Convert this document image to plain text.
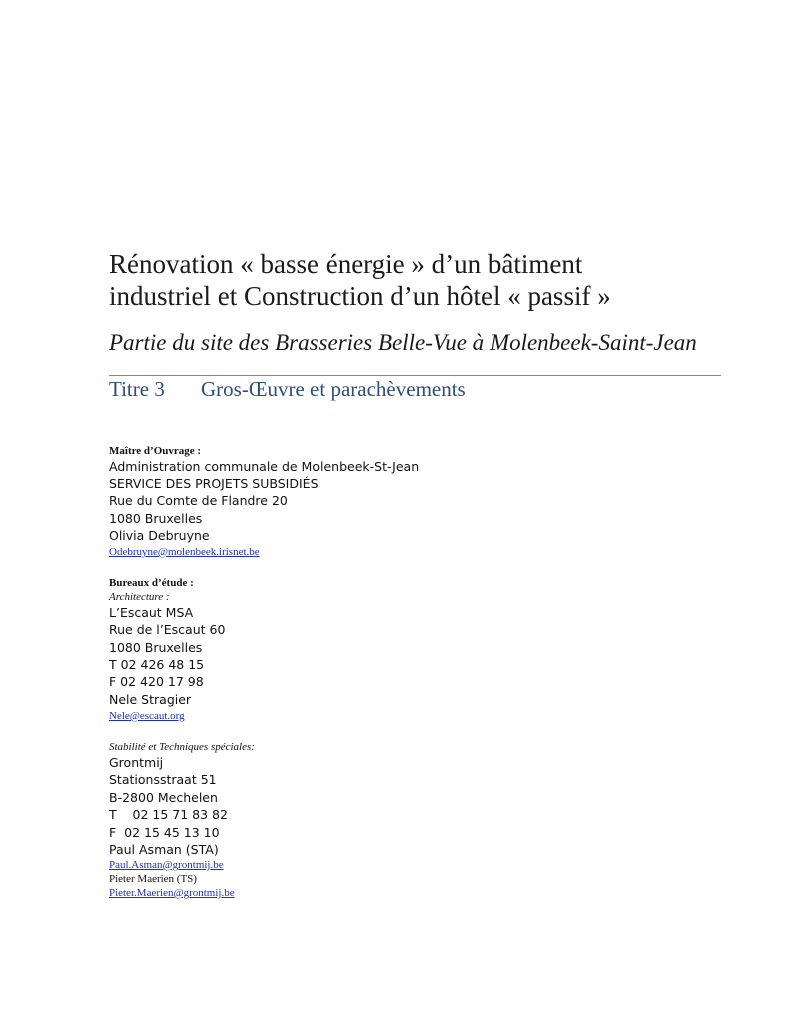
Rénovation « basse énergie » d’un bâtiment
industriel et Construction d’un hôtel « passif »
Partie du site des Brasseries Belle-Vue à Molenbeek-Saint-Jean
Titre 3 Gros-Œuvre et parachèvements
Maître d’Ouvrage :
Administration communale de Molenbeek-St-Jean
SERVICE DES PROJETS SUBSIDIÉS
Rue du Comte de Flandre 20
1080 Bruxelles
Olivia Debruyne
Odebruyne@molenbeek.irisnet.be
Bureaux d’étude :
Architecture :
L’Escaut MSA
Rue de l’Escaut 60
1080 Bruxelles
T 02 426 48 15
F 02 420 17 98
Nele Stragier
Nele@escaut.org
Stabilité et Techniques spéciales:
Grontmij
Stationsstraat 51
B-2800 Mechelen
T    02 15 71 83 82
F  02 15 45 13 10
Paul Asman (STA)
Paul.Asman@grontmij.be
Pieter Maerien (TS)
Pieter.Maerien@grontmij.be
